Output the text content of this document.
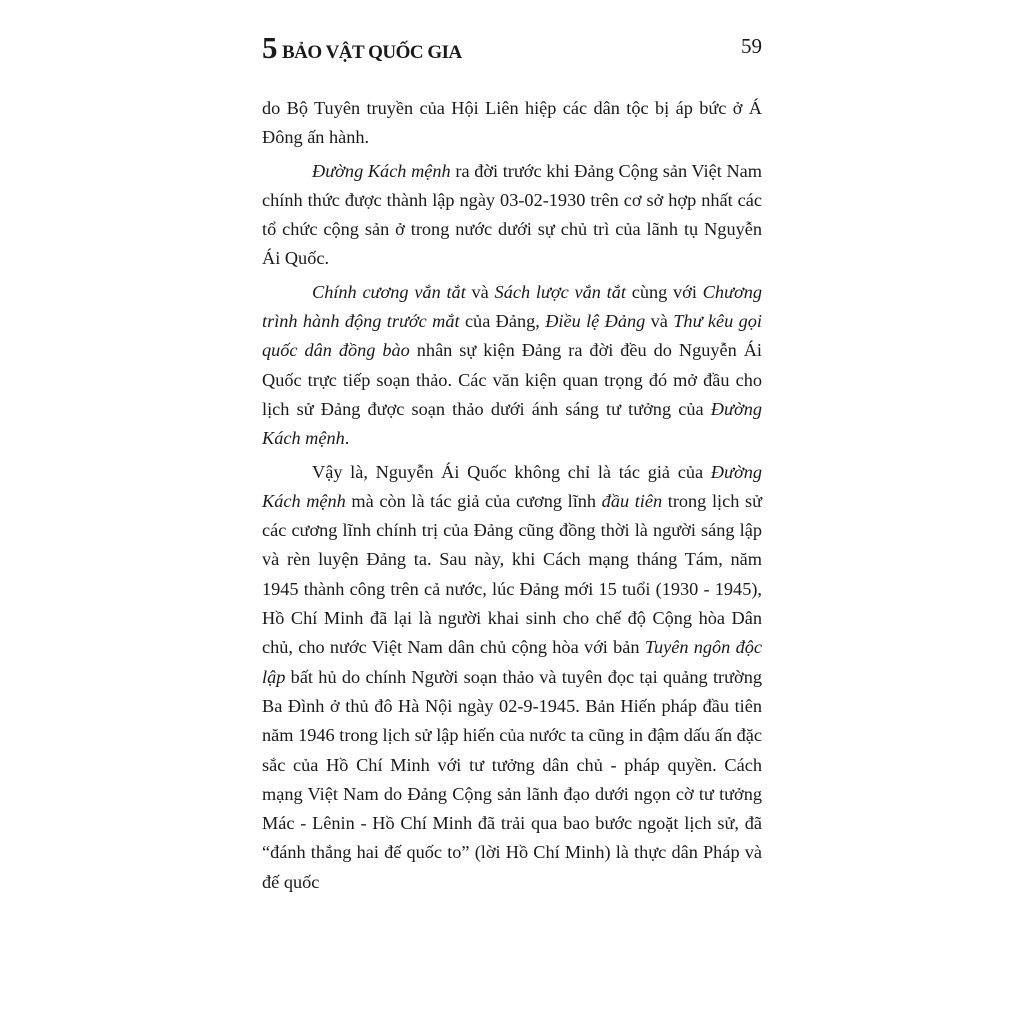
5 BẢO VẬT QUỐC GIA	59

do Bộ Tuyên truyền của Hội Liên hiệp các dân tộc bị áp bức ở Á Đông ấn hành.

Đường Kách mệnh ra đời trước khi Đảng Cộng sản Việt Nam chính thức được thành lập ngày 03-02-1930 trên cơ sở hợp nhất các tổ chức cộng sản ở trong nước dưới sự chủ trì của lãnh tụ Nguyễn Ái Quốc.

Chính cương vắn tắt và Sách lược vắn tắt cùng với Chương trình hành động trước mắt của Đảng, Điều lệ Đảng và Thư kêu gọi quốc dân đồng bào nhân sự kiện Đảng ra đời đều do Nguyễn Ái Quốc trực tiếp soạn thảo. Các văn kiện quan trọng đó mở đầu cho lịch sử Đảng được soạn thảo dưới ánh sáng tư tưởng của Đường Kách mệnh.

Vậy là, Nguyễn Ái Quốc không chỉ là tác giả của Đường Kách mệnh mà còn là tác giả của cương lĩnh đầu tiên trong lịch sử các cương lĩnh chính trị của Đảng cũng đồng thời là người sáng lập và rèn luyện Đảng ta. Sau này, khi Cách mạng tháng Tám, năm 1945 thành công trên cả nước, lúc Đảng mới 15 tuổi (1930 - 1945), Hồ Chí Minh đã lại là người khai sinh cho chế độ Cộng hòa Dân chủ, cho nước Việt Nam dân chủ cộng hòa với bản Tuyên ngôn độc lập bất hủ do chính Người soạn thảo và tuyên đọc tại quảng trường Ba Đình ở thủ đô Hà Nội ngày 02-9-1945. Bản Hiến pháp đầu tiên năm 1946 trong lịch sử lập hiến của nước ta cũng in đậm dấu ấn đặc sắc của Hồ Chí Minh với tư tưởng dân chủ - pháp quyền. Cách mạng Việt Nam do Đảng Cộng sản lãnh đạo dưới ngọn cờ tư tưởng Mác - Lênin - Hồ Chí Minh đã trải qua bao bước ngoặt lịch sử, đã “đánh thắng hai đế quốc to” (lời Hồ Chí Minh) là thực dân Pháp và đế quốc
